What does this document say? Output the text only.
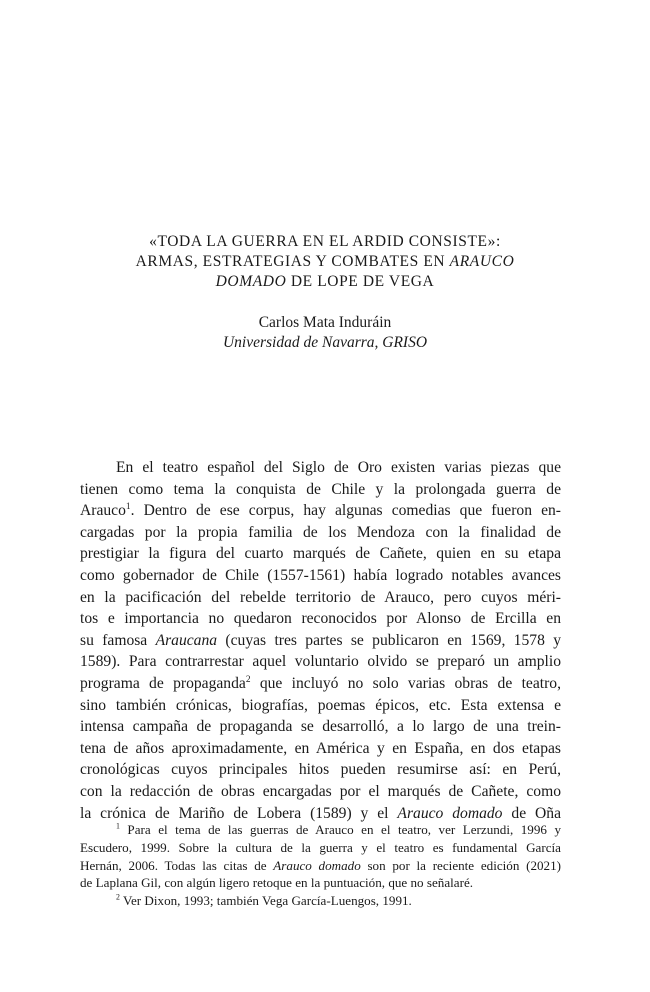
«TODA LA GUERRA EN EL ARDID CONSISTE»:
ARMAS, ESTRATEGIAS Y COMBATES EN ARAUCO
DOMADO DE LOPE DE VEGA
Carlos Mata Induráin
Universidad de Navarra, GRISO
En el teatro español del Siglo de Oro existen varias piezas que
tienen como tema la conquista de Chile y la prolongada guerra de
Arauco$^1$. Dentro de ese corpus, hay algunas comedias que fueron en-
cargadas por la propia familia de los Mendoza con la finalidad de
prestigiar la figura del cuarto marqués de Cañete, quien en su etapa
como gobernador de Chile (1557-1561) había logrado notables avances
en la pacificación del rebelde territorio de Arauco, pero cuyos méri-
tos e importancia no quedaron reconocidos por Alonso de Ercilla en
su famosa Araucana (cuyas tres partes se publicaron en 1569, 1578 y
1589). Para contrarrestar aquel voluntario olvido se preparó un amplio
programa de propaganda$^2$ que incluyó no solo varias obras de teatro,
sino también crónicas, biografías, poemas épicos, etc. Esta extensa e
intensa campaña de propaganda se desarrolló, a lo largo de una trein-
tena de años aproximadamente, en América y en España, en dos etapas
cronológicas cuyos principales hitos pueden resumirse así: en Perú,
con la redacción de obras encargadas por el marqués de Cañete, como
la crónica de Mariño de Lobera (1589) y el Arauco domado de Oña
$^1$ Para el tema de las guerras de Arauco en el teatro, ver Lerzundi, 1996 y
Escudero, 1999. Sobre la cultura de la guerra y el teatro es fundamental García
Hernán, 2006. Todas las citas de Arauco domado son por la reciente edición (2021)
de Laplana Gil, con algún ligero retoque en la puntuación, que no señalaré.
$^2$ Ver Dixon, 1993; también Vega García-Luengos, 1991.
